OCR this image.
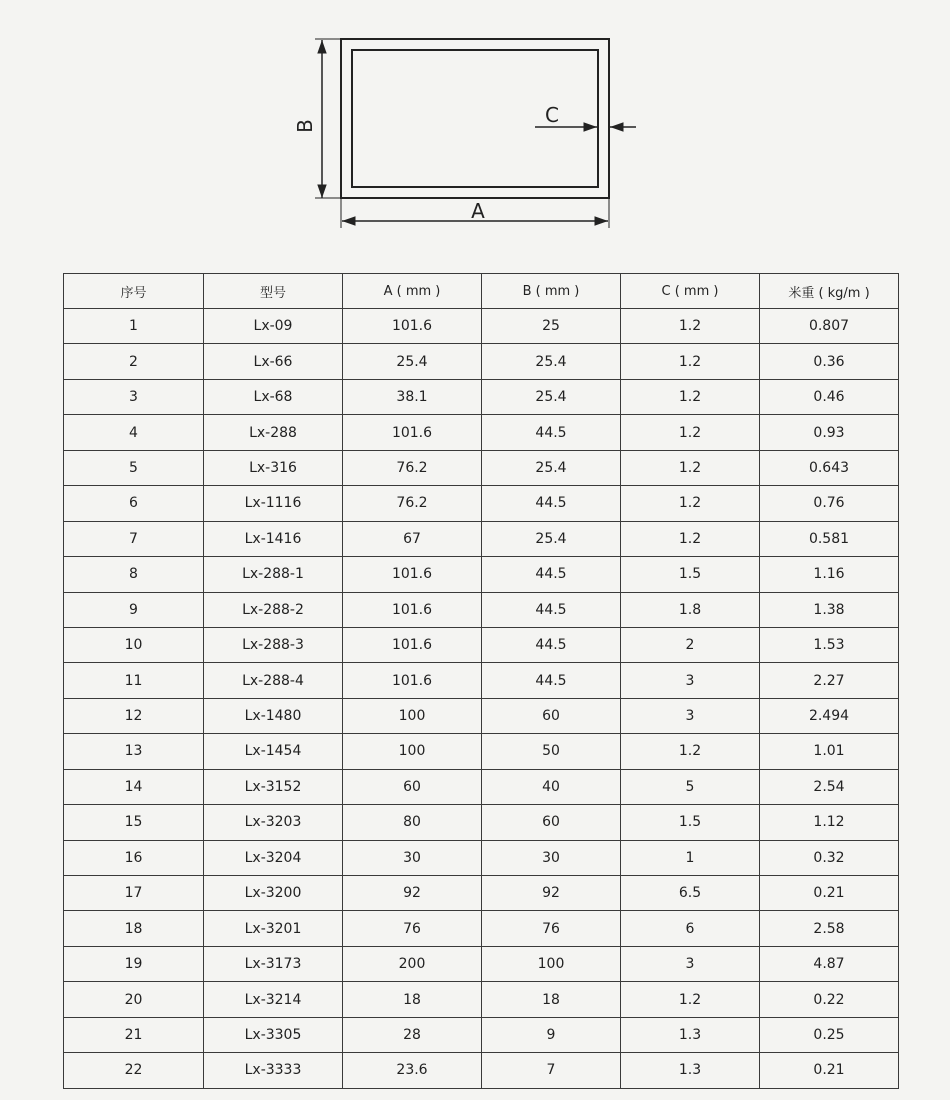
B
A
C
序号	型号	A ( mm )	B ( mm )	C ( mm )	米重 ( kg/m )
1	Lx-09	101.6	25	1.2	0.807
2	Lx-66	25.4	25.4	1.2	0.36
3	Lx-68	38.1	25.4	1.2	0.46
4	Lx-288	101.6	44.5	1.2	0.93
5	Lx-316	76.2	25.4	1.2	0.643
6	Lx-1116	76.2	44.5	1.2	0.76
7	Lx-1416	67	25.4	1.2	0.581
8	Lx-288-1	101.6	44.5	1.5	1.16
9	Lx-288-2	101.6	44.5	1.8	1.38
10	Lx-288-3	101.6	44.5	2	1.53
11	Lx-288-4	101.6	44.5	3	2.27
12	Lx-1480	100	60	3	2.494
13	Lx-1454	100	50	1.2	1.01
14	Lx-3152	60	40	5	2.54
15	Lx-3203	80	60	1.5	1.12
16	Lx-3204	30	30	1	0.32
17	Lx-3200	92	92	6.5	0.21
18	Lx-3201	76	76	6	2.58
19	Lx-3173	200	100	3	4.87
20	Lx-3214	18	18	1.2	0.22
21	Lx-3305	28	9	1.3	0.25
22	Lx-3333	23.6	7	1.3	0.21
